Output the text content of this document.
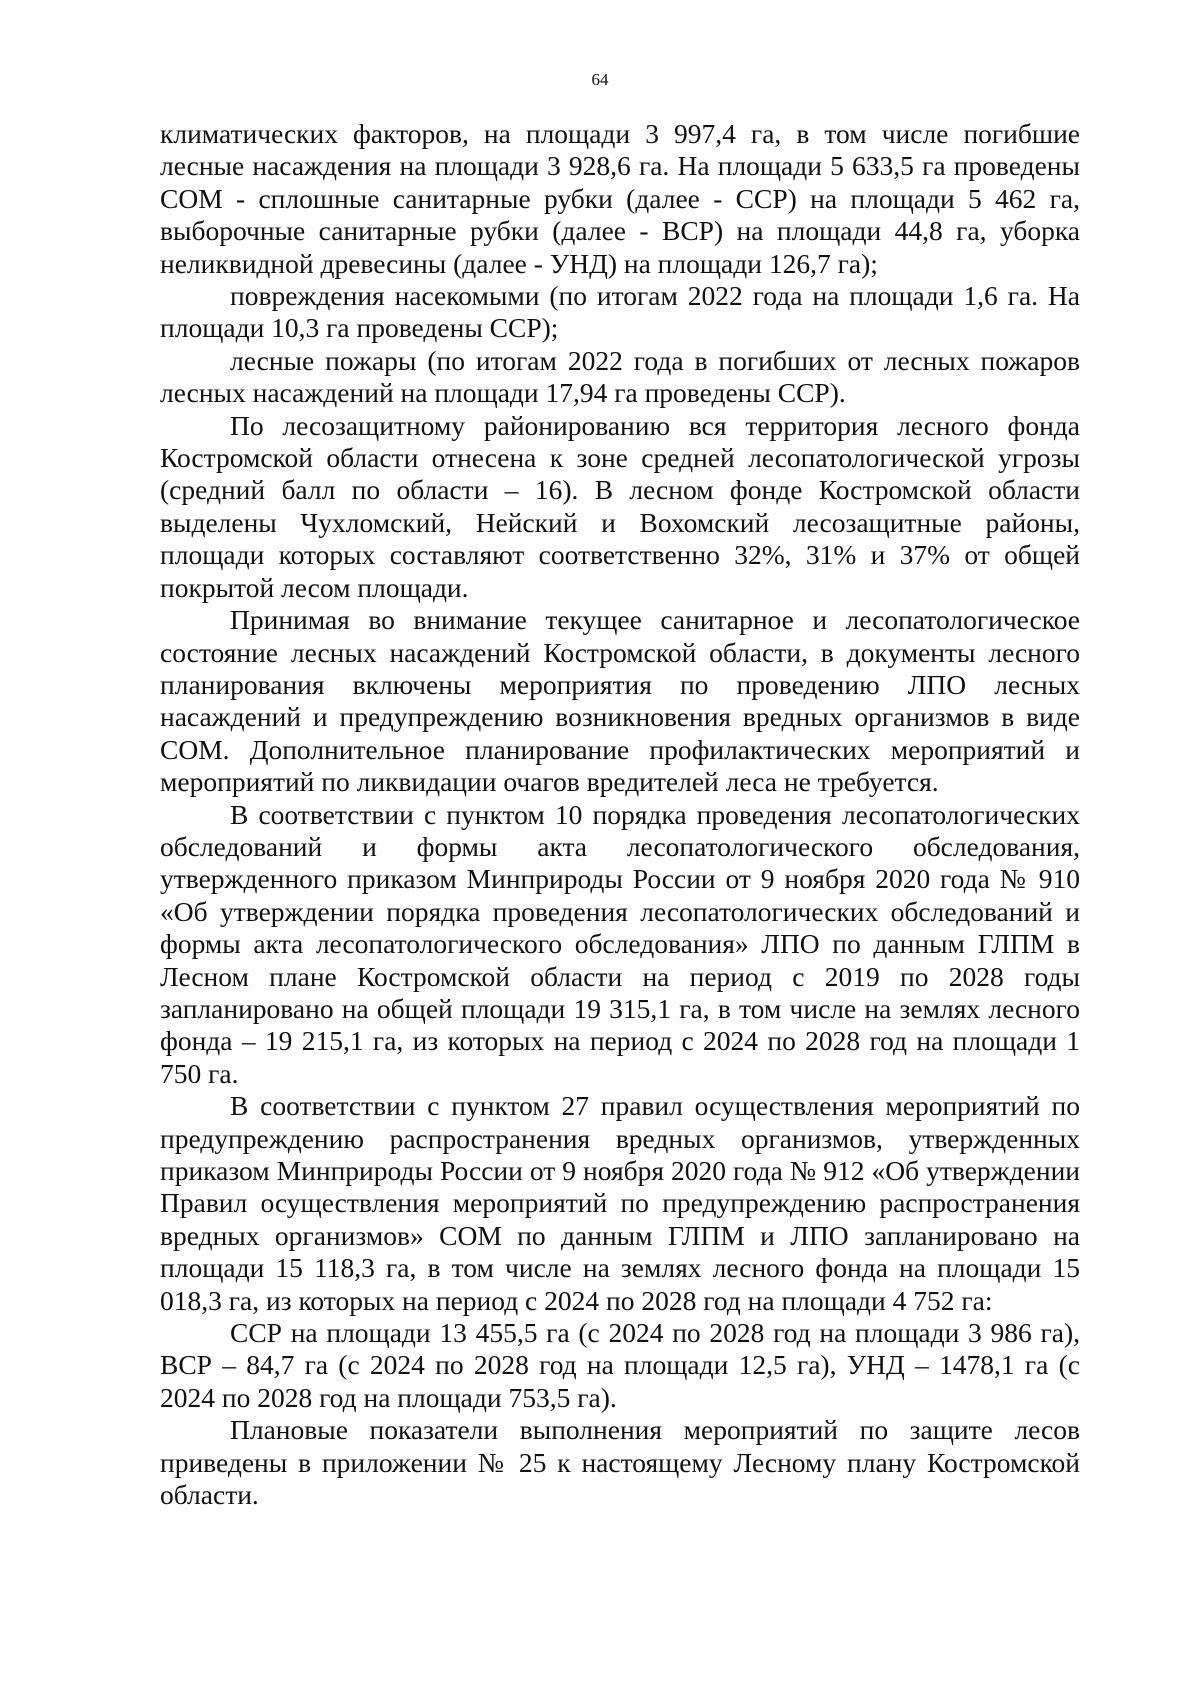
64

климатических факторов, на площади 3 997,4 га, в том числе погибшие лесные насаждения на площади 3 928,6 га. На площади 5 633,5 га проведены СОМ - сплошные санитарные рубки (далее - ССР) на площади 5 462 га, выборочные санитарные рубки (далее - ВСР) на площади 44,8 га, уборка неликвидной древесины (далее - УНД) на площади 126,7 га);

повреждения насекомыми (по итогам 2022 года на площади 1,6 га. На площади 10,3 га проведены ССР);

лесные пожары (по итогам 2022 года в погибших от лесных пожаров лесных насаждений на площади 17,94 га проведены ССР).

По лесозащитному районированию вся территория лесного фонда Костромской области отнесена к зоне средней лесопатологической угрозы (средний балл по области – 16). В лесном фонде Костромской области выделены Чухломский, Нейский и Вохомский лесозащитные районы, площади которых составляют соответственно 32%, 31% и 37% от общей покрытой лесом площади.

Принимая во внимание текущее санитарное и лесопатологическое состояние лесных насаждений Костромской области, в документы лесного планирования включены мероприятия по проведению ЛПО лесных насаждений и предупреждению возникновения вредных организмов в виде СОМ. Дополнительное планирование профилактических мероприятий и мероприятий по ликвидации очагов вредителей леса не требуется.

В соответствии с пунктом 10 порядка проведения лесопатологических обследований и формы акта лесопатологического обследования, утвержденного приказом Минприроды России от 9 ноября 2020 года № 910 «Об утверждении порядка проведения лесопатологических обследований и формы акта лесопатологического обследования» ЛПО по данным ГЛПМ в Лесном плане Костромской области на период с 2019 по 2028 годы запланировано на общей площади 19 315,1 га, в том числе на землях лесного фонда – 19 215,1 га, из которых на период с 2024 по 2028 год на площади 1 750 га.

В соответствии с пунктом 27 правил осуществления мероприятий по предупреждению распространения вредных организмов, утвержденных приказом Минприроды России от 9 ноября 2020 года № 912 «Об утверждении Правил осуществления мероприятий по предупреждению распространения вредных организмов» СОМ по данным ГЛПМ и ЛПО запланировано на площади 15 118,3 га, в том числе на землях лесного фонда на площади 15 018,3 га, из которых на период с 2024 по 2028 год на площади 4 752 га:

ССР на площади 13 455,5 га (с 2024 по 2028 год на площади 3 986 га), ВСР – 84,7 га (с 2024 по 2028 год на площади 12,5 га), УНД – 1478,1 га (с 2024 по 2028 год на площади 753,5 га).

Плановые показатели выполнения мероприятий по защите лесов приведены в приложении № 25 к настоящему Лесному плану Костромской области.
